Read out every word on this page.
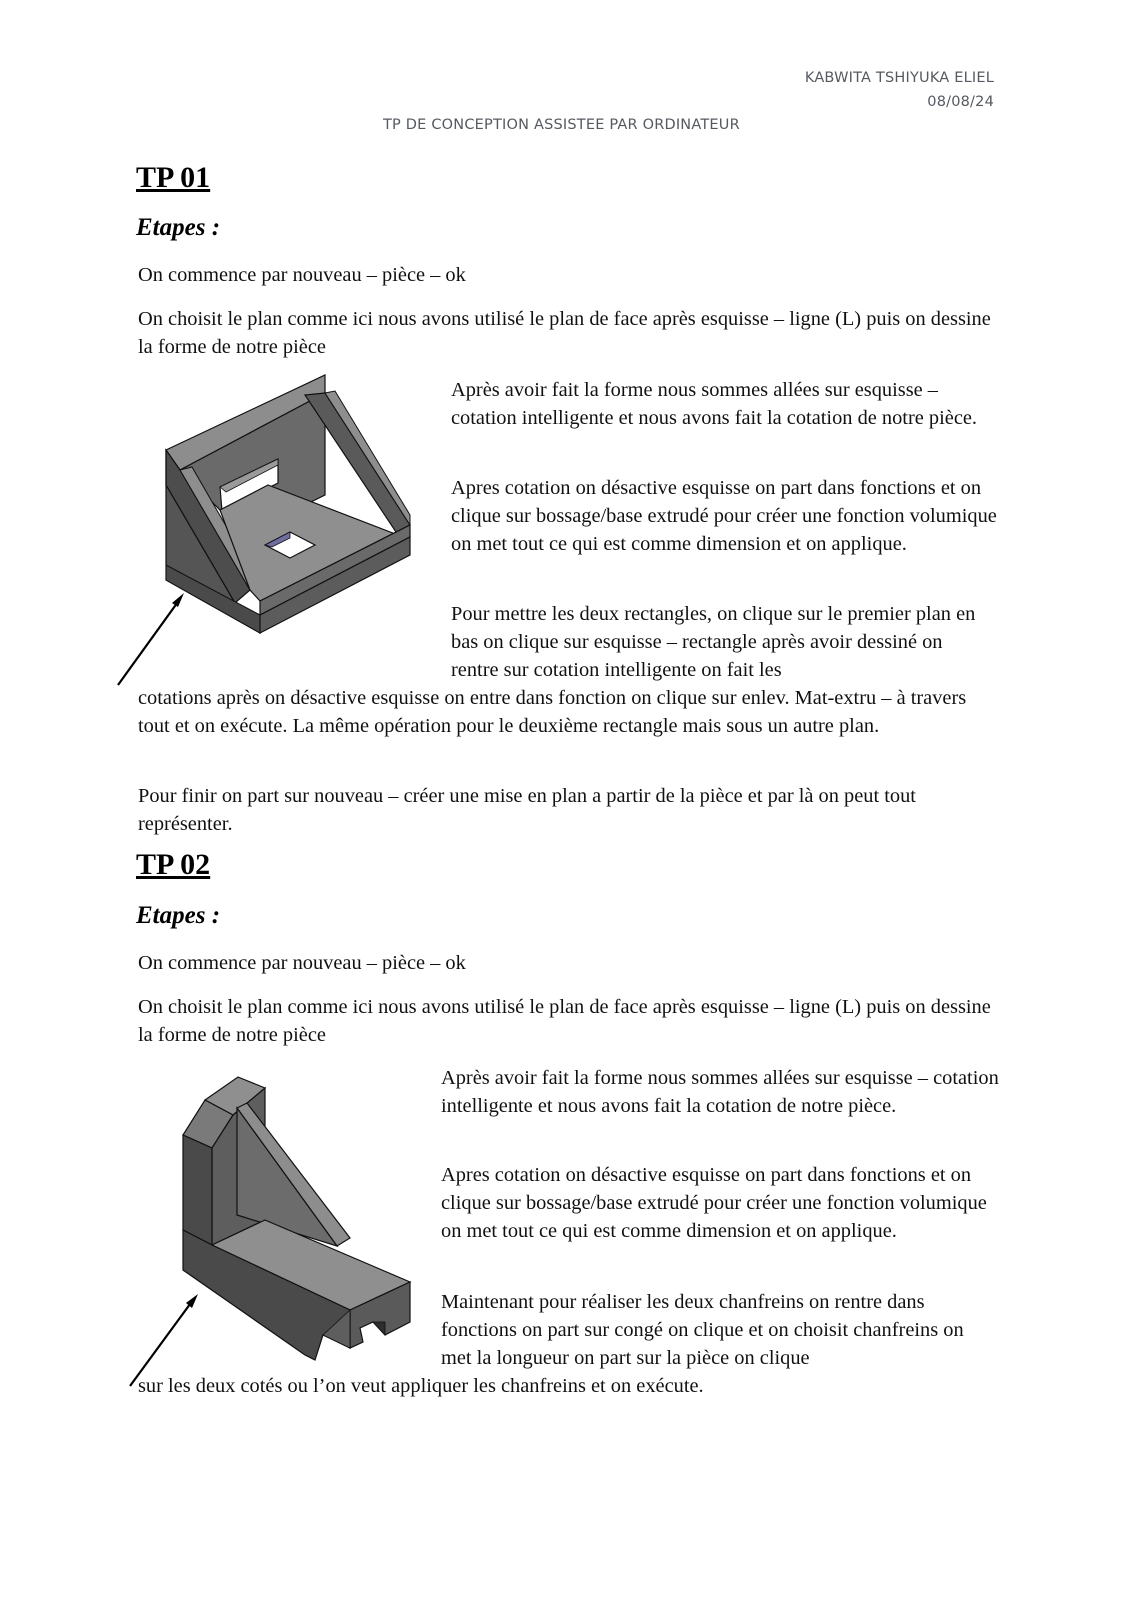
KABWITA TSHIYUKA ELIEL
08/08/24
TP DE CONCEPTION ASSISTEE PAR ORDINATEUR
TP 01
Etapes :

On commence par nouveau – pièce – ok

On choisit le plan comme ici nous avons utilisé le plan de face après esquisse – ligne (L) puis on dessine la forme de notre pièce

Après avoir fait la forme nous sommes allées sur esquisse – cotation intelligente et nous avons fait la cotation de notre pièce.

Apres cotation on désactive esquisse on part dans fonctions et on clique sur bossage/base extrudé pour créer une fonction volumique on met tout ce qui est comme dimension et on applique.

Pour mettre les deux rectangles, on clique sur le premier plan en bas on clique sur esquisse – rectangle après avoir dessiné on rentre sur cotation intelligente on fait les

cotations après on désactive esquisse on entre dans fonction on clique sur enlev. Mat-extru – à travers tout et on exécute. La même opération pour le deuxième rectangle mais sous un autre plan.

Pour finir on part sur nouveau – créer une mise en plan a partir de la pièce et par là on peut tout représenter.

TP 02
Etapes :

On commence par nouveau – pièce – ok

On choisit le plan comme ici nous avons utilisé le plan de face après esquisse – ligne (L) puis on dessine la forme de notre pièce

Après avoir fait la forme nous sommes allées sur esquisse – cotation intelligente et nous avons fait la cotation de notre pièce.

Apres cotation on désactive esquisse on part dans fonctions et on clique sur bossage/base extrudé pour créer une fonction volumique on met tout ce qui est comme dimension et on applique.

Maintenant pour réaliser les deux chanfreins on rentre dans fonctions on part sur congé on clique et on choisit chanfreins on met la longueur on part sur la pièce on clique

sur les deux cotés ou l’on veut appliquer les chanfreins et on exécute.
